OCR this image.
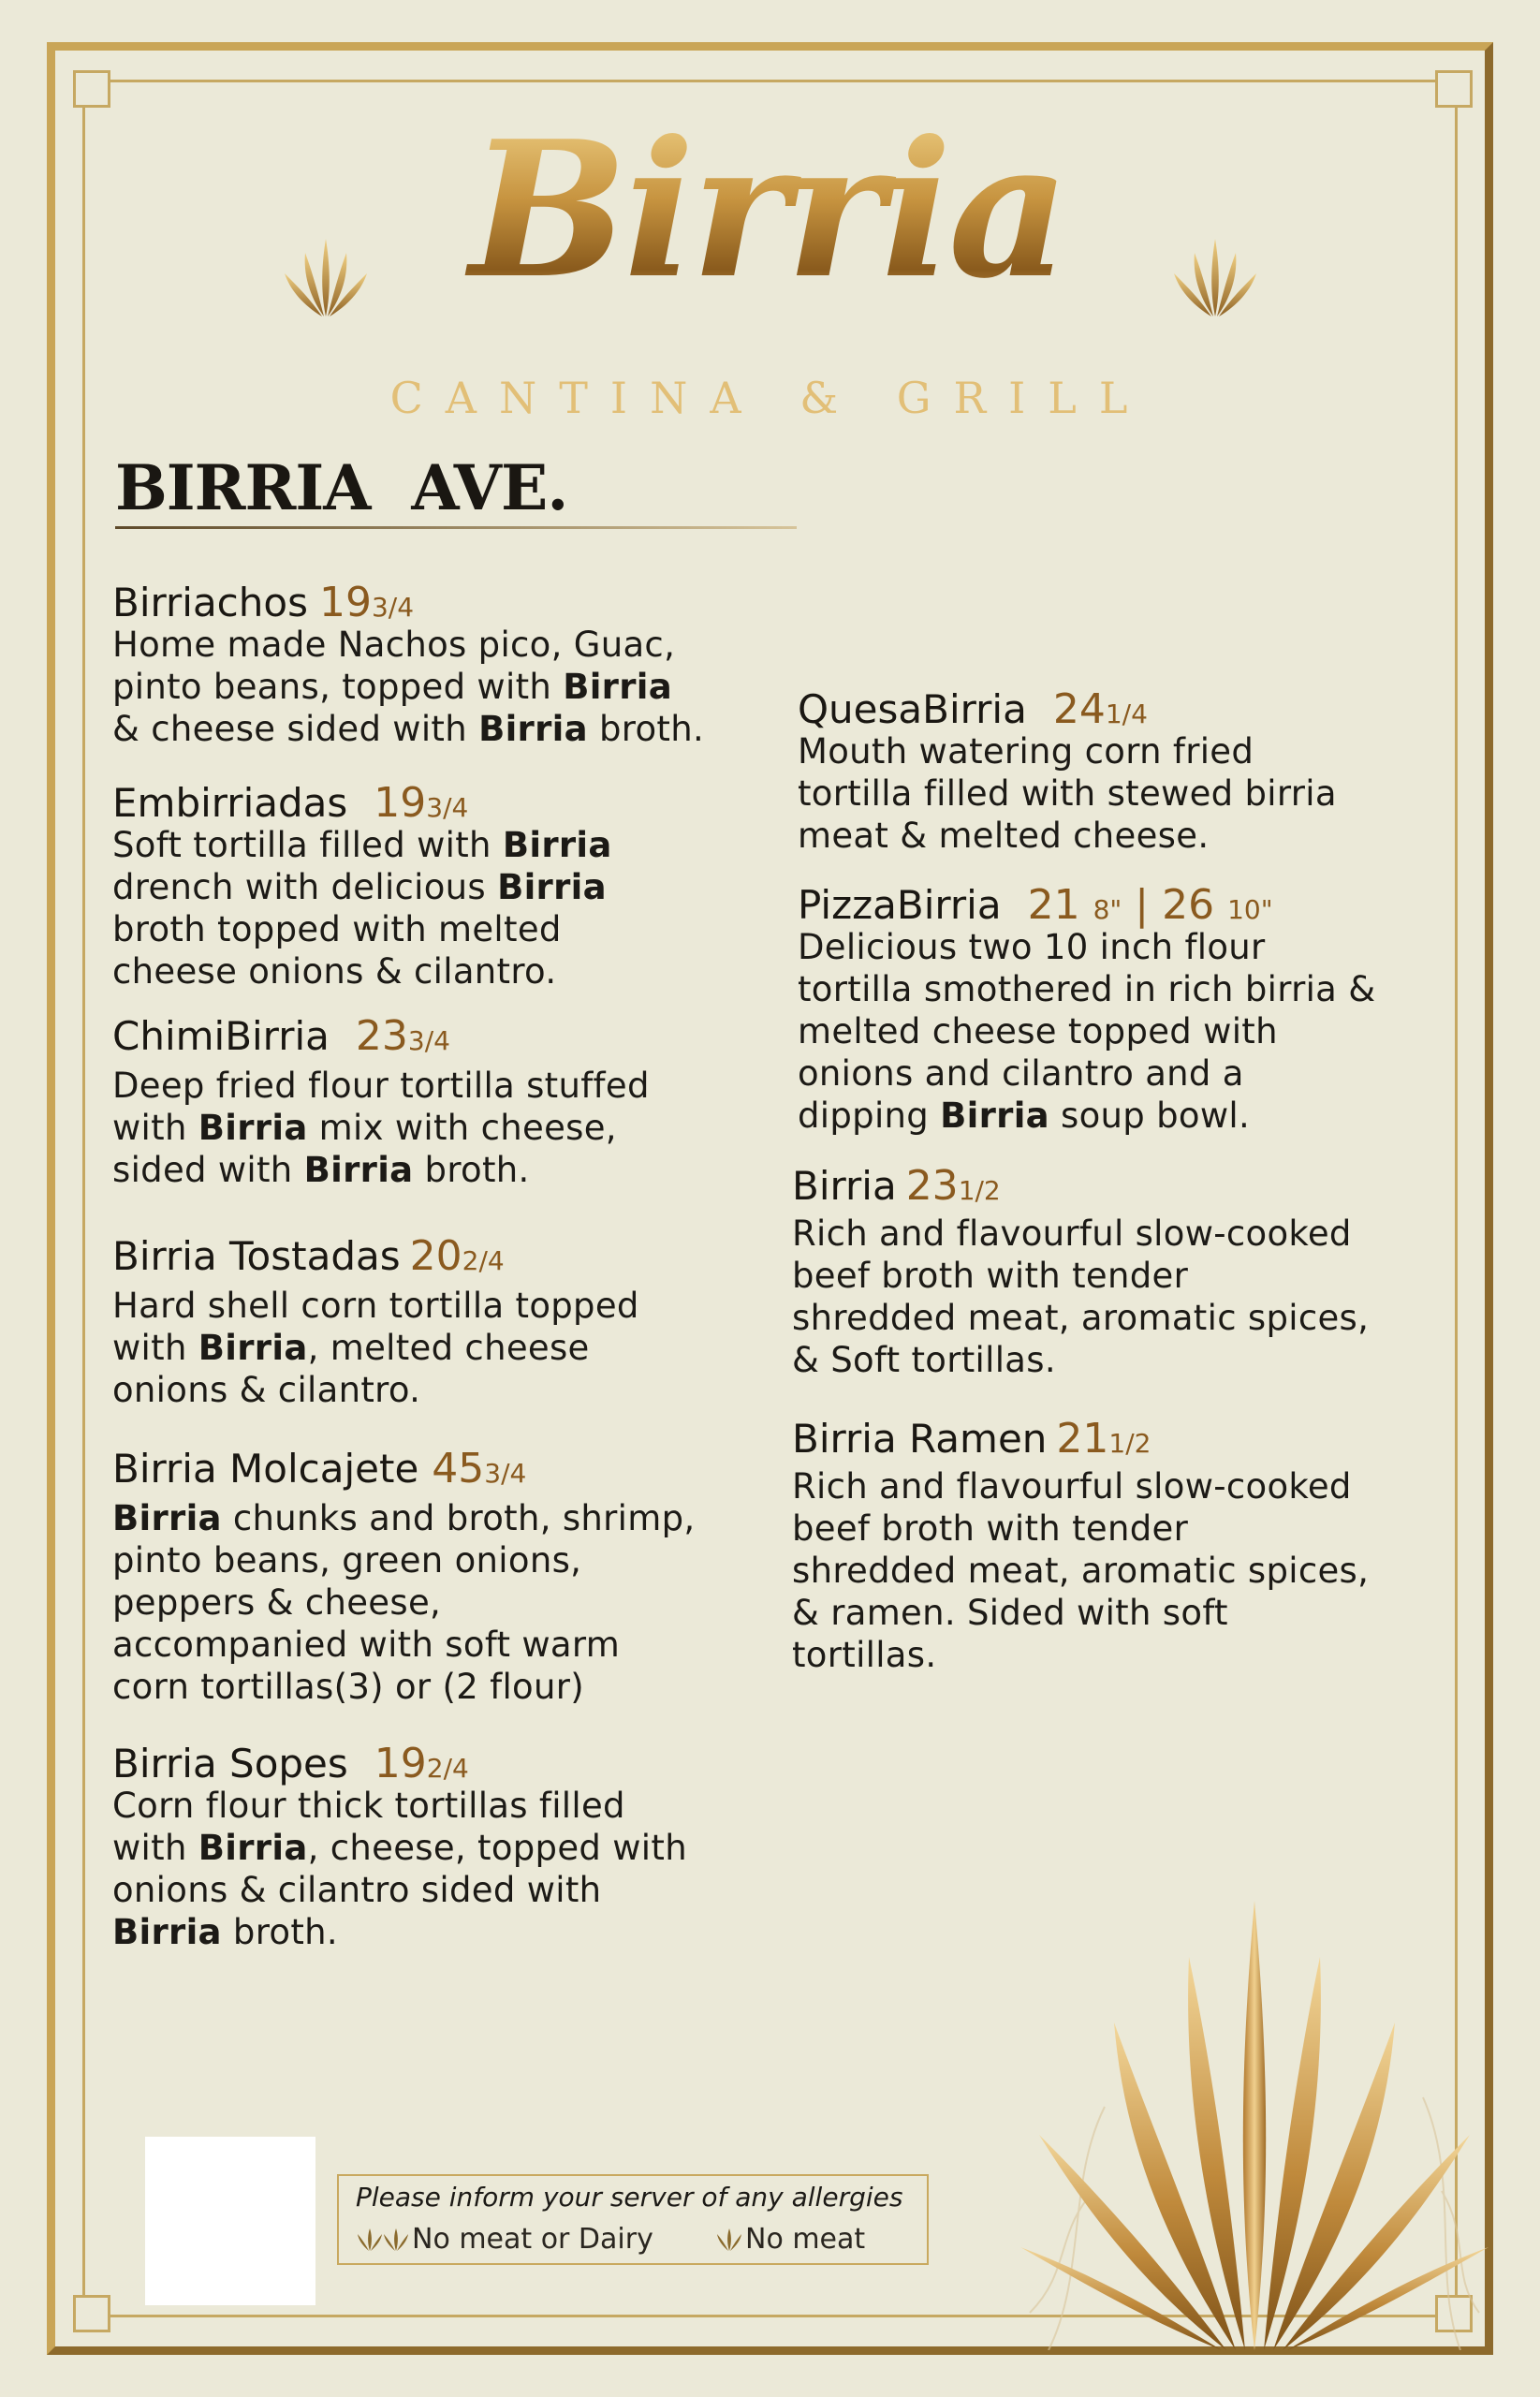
Birria
CANTINA & GRILL
BIRRIA  AVE.
Birriachos 193/4

Home made Nachos pico, Guac,
pinto beans, topped with Birria
& cheese sided with Birria broth.

Embirriadas 193/4

Soft tortilla filled with Birria
drench with delicious Birria
broth topped with melted
cheese onions & cilantro.

ChimiBirria 233/4

Deep fried flour tortilla stuffed
with Birria mix with cheese,
sided with Birria broth.

Birria Tostadas 202/4

Hard shell corn tortilla topped
with Birria, melted cheese
onions & cilantro.

Birria Molcajete 453/4

Birria chunks and broth, shrimp,
pinto beans, green onions,
peppers & cheese,
accompanied with soft warm
corn tortillas(3) or (2 flour)

Birria Sopes 192/4

Corn flour thick tortillas filled
with Birria, cheese, topped with
onions & cilantro sided with
Birria broth.

QuesaBirria 241/4

Mouth watering corn fried
tortilla filled with stewed birria
meat & melted cheese.

PizzaBirria 21 8" | 26 10"

Delicious two 10 inch flour
tortilla smothered in rich birria &
melted cheese topped with
onions and cilantro and a
dipping Birria soup bowl.

Birria 231/2

Rich and flavourful slow-cooked
beef broth with tender
shredded meat, aromatic spices,
& Soft tortillas.

Birria Ramen 211/2

Rich and flavourful slow-cooked
beef broth with tender
shredded meat, aromatic spices,
& ramen. Sided with soft
tortillas.

Please inform your server of any allergies
No meat or Dairy	No meat
